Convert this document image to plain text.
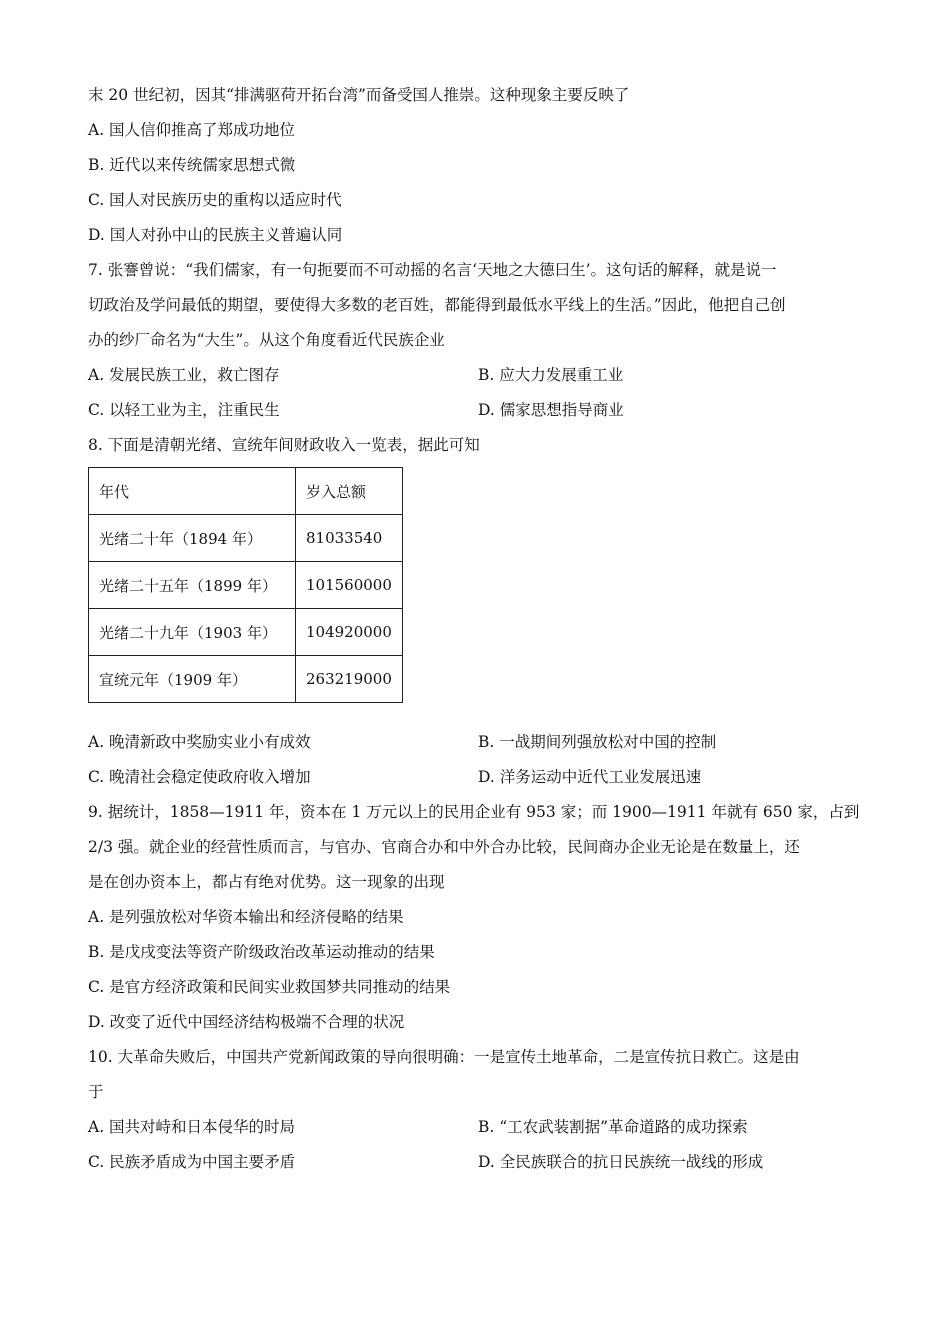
末 20 世纪初，因其“排满驱荷开拓台湾”而备受国人推崇。这种现象主要反映了
A. 国人信仰推高了郑成功地位
B. 近代以来传统儒家思想式微
C. 国人对民族历史的重构以适应时代
D. 国人对孙中山的民族主义普遍认同
7. 张謇曾说：“我们儒家，有一句扼要而不可动摇的名言‘天地之大德曰生’。这句话的解释，就是说一
切政治及学问最低的期望，要使得大多数的老百姓，都能得到最低水平线上的生活。”因此，他把自己创
办的纱厂命名为“大生”。从这个角度看近代民族企业
A. 发展民族工业，救亡图存	B. 应大力发展重工业
C. 以轻工业为主，注重民生	D. 儒家思想指导商业
8. 下面是清朝光绪、宣统年间财政收入一览表，据此可知
年代	岁入总额
光绪二十年（1894 年）	81033540
光绪二十五年（1899 年）	101560000
光绪二十九年（1903 年）	104920000
宣统元年（1909 年）	263219000
A. 晚清新政中奖励实业小有成效	B. 一战期间列强放松对中国的控制
C. 晚清社会稳定使政府收入增加	D. 洋务运动中近代工业发展迅速
9. 据统计，1858—1911 年，资本在 1 万元以上的民用企业有 953 家；而 1900—1911 年就有 650 家，占到
2/3 强。就企业的经营性质而言，与官办、官商合办和中外合办比较，民间商办企业无论是在数量上，还
是在创办资本上，都占有绝对优势。这一现象的出现
A. 是列强放松对华资本输出和经济侵略的结果
B. 是戊戌变法等资产阶级政治改革运动推动的结果
C. 是官方经济政策和民间实业救国梦共同推动的结果
D. 改变了近代中国经济结构极端不合理的状况
10. 大革命失败后，中国共产党新闻政策的导向很明确：一是宣传土地革命，二是宣传抗日救亡。这是由
于
A. 国共对峙和日本侵华的时局	B. “工农武装割据”革命道路的成功探索
C. 民族矛盾成为中国主要矛盾	D. 全民族联合的抗日民族统一战线的形成
